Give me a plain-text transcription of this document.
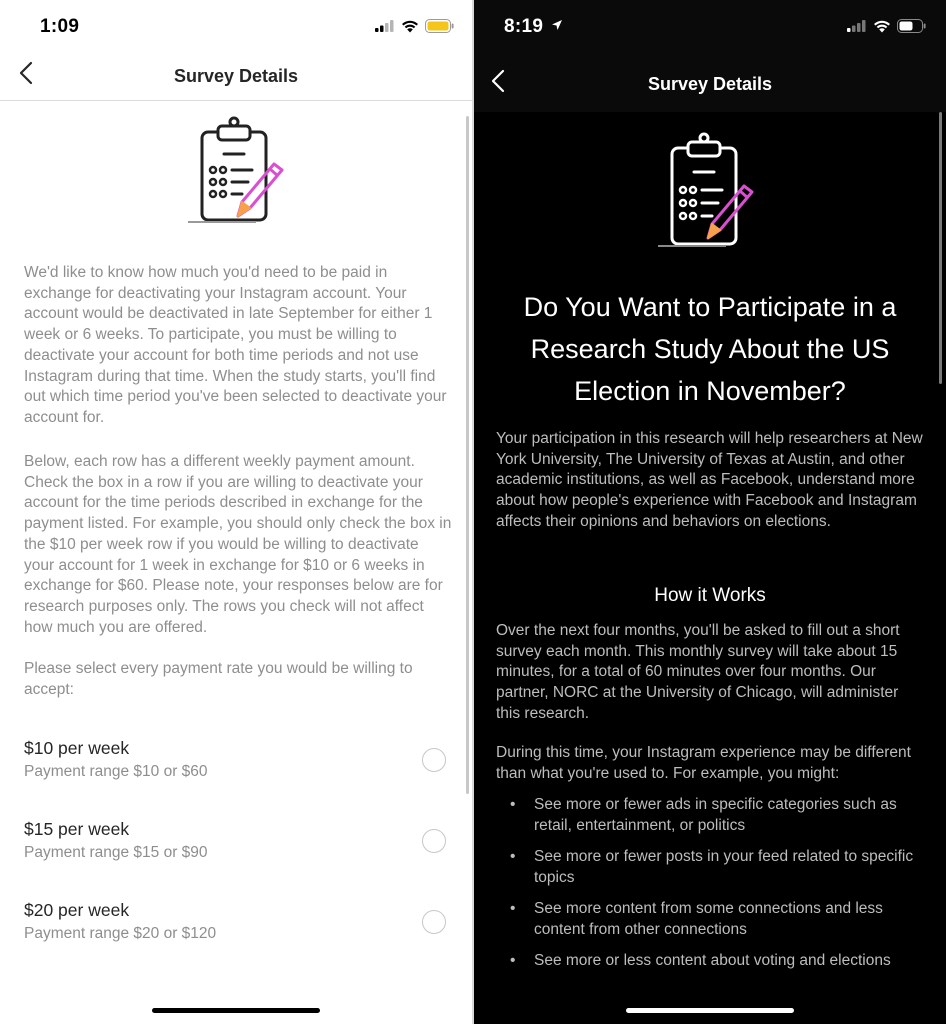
1:09
Survey Details
We'd like to know how much you'd need to be paid in exchange for deactivating your Instagram account. Your account would be deactivated in late September for either 1 week or 6 weeks. To participate, you must be willing to deactivate your account for both time periods and not use Instagram during that time. When the study starts, you'll find out which time period you've been selected to deactivate your account for.
Below, each row has a different weekly payment amount. Check the box in a row if you are willing to deactivate your account for the time periods described in exchange for the payment listed. For example, you should only check the box in the $10 per week row if you would be willing to deactivate your account for 1 week in exchange for $10 or 6 weeks in exchange for $60. Please note, your responses below are for research purposes only. The rows you check will not affect how much you are offered.
Please select every payment rate you would be willing to accept:
$10 per week
Payment range $10 or $60
$15 per week
Payment range $15 or $90
$20 per week
Payment range $20 or $120
8:19
Survey Details
Do You Want to Participate in a Research Study About the US Election in November?
Your participation in this research will help researchers at New York University, The University of Texas at Austin, and other academic institutions, as well as Facebook, understand more about how people's experience with Facebook and Instagram affects their opinions and behaviors on elections.
How it Works
Over the next four months, you'll be asked to fill out a short survey each month. This monthly survey will take about 15 minutes, for a total of 60 minutes over four months. Our partner, NORC at the University of Chicago, will administer this research.
During this time, your Instagram experience may be different than what you're used to. For example, you might:
• See more or fewer ads in specific categories such as retail, entertainment, or politics
• See more or fewer posts in your feed related to specific topics
• See more content from some connections and less content from other connections
• See more or less content about voting and elections
